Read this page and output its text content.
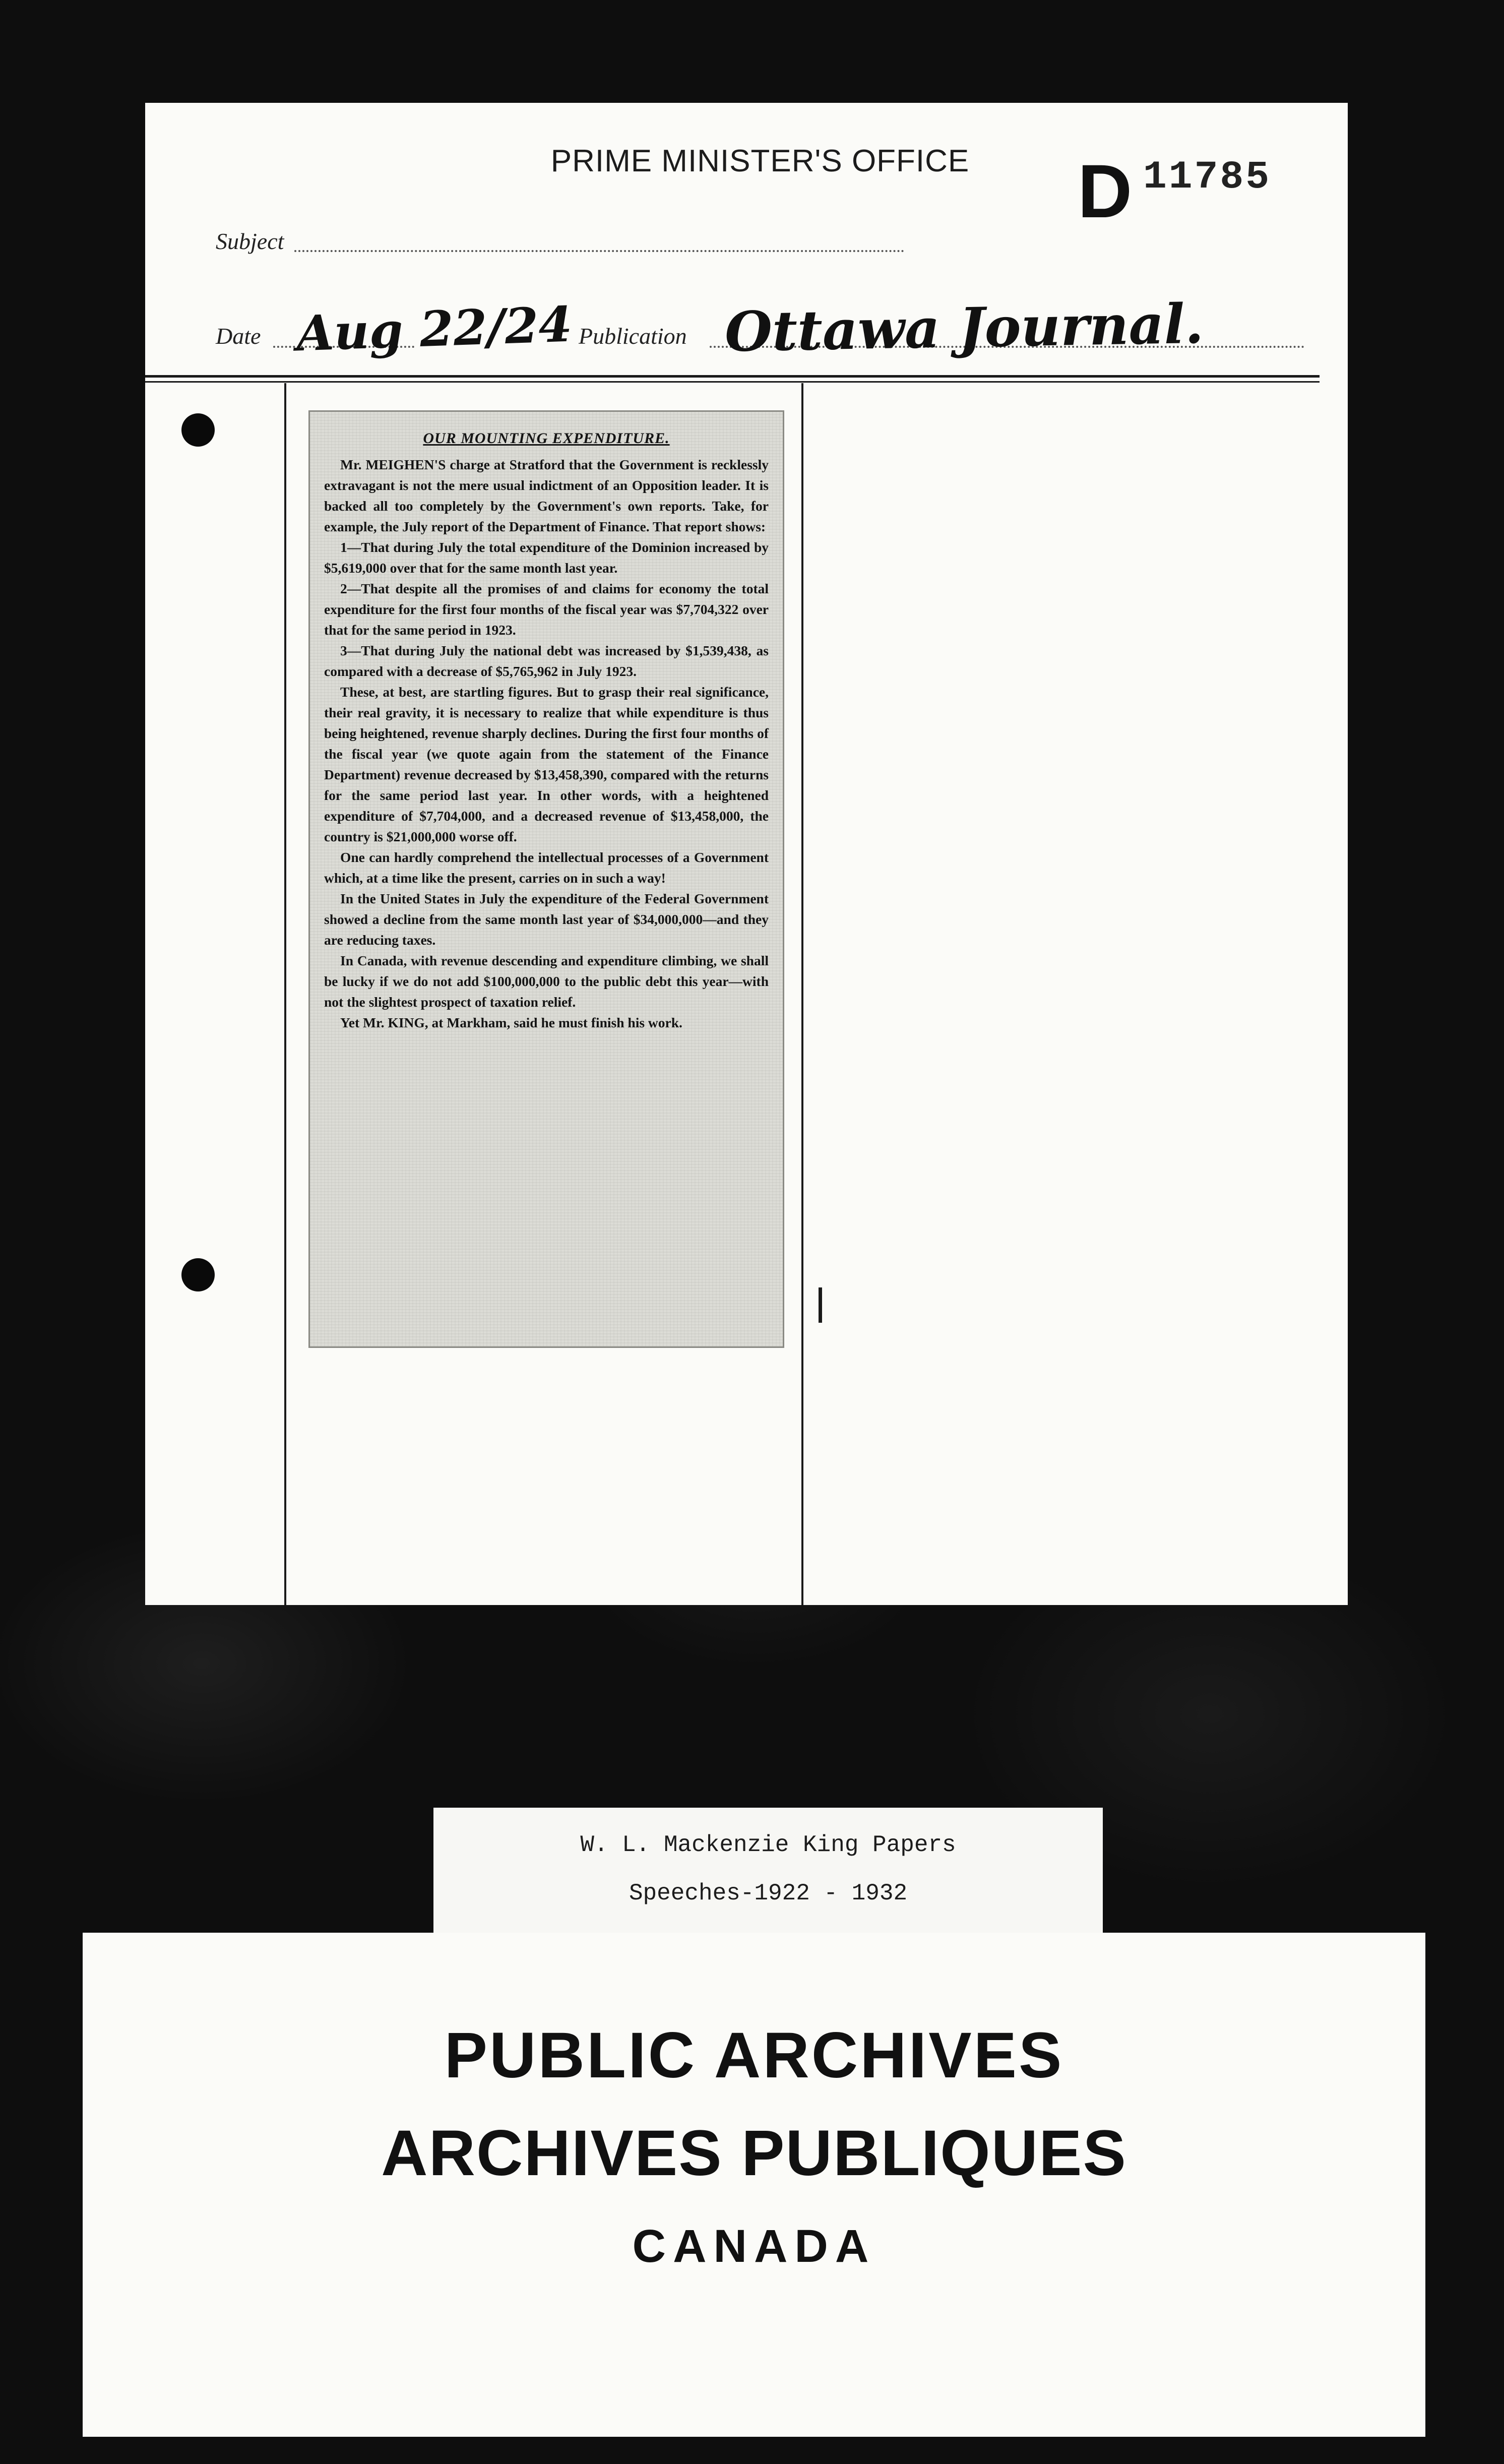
PRIME MINISTER'S OFFICE	D 11785
Subject
Date Aug 22/24 Publication Ottawa Journal.
OUR MOUNTING EXPENDITURE.

Mr. MEIGHEN'S charge at Stratford that the Government is recklessly extravagant is not the mere usual indictment of an Opposition leader. It is backed all too completely by the Government's own reports. Take, for example, the July report of the Department of Finance. That report shows:

1—That during July the total expenditure of the Dominion increased by $5,619,000 over that for the same month last year.

2—That despite all the promises of and claims for economy the total expenditure for the first four months of the fiscal year was $7,704,322 over that for the same period in 1923.

3—That during July the national debt was increased by $1,539,438, as compared with a decrease of $5,765,962 in July 1923.

These, at best, are startling figures. But to grasp their real significance, their real gravity, it is necessary to realize that while expenditure is thus being heightened, revenue sharply declines. During the first four months of the fiscal year (we quote again from the statement of the Finance Department) revenue decreased by $13,458,390, compared with the returns for the same period last year. In other words, with a heightened expenditure of $7,704,000, and a decreased revenue of $13,458,000, the country is $21,000,000 worse off.

One can hardly comprehend the intellectual processes of a Government which, at a time like the present, carries on in such a way!

In the United States in July the expenditure of the Federal Government showed a decline from the same month last year of $34,000,000—and they are reducing taxes.

In Canada, with revenue descending and expenditure climbing, we shall be lucky if we do not add $100,000,000 to the public debt this year—with not the slightest prospect of taxation relief.

Yet Mr. KING, at Markham, said he must finish his work.

W. L. Mackenzie King Papers
Speeches-1922 - 1932
PUBLIC ARCHIVES
ARCHIVES PUBLIQUES
CANADA
